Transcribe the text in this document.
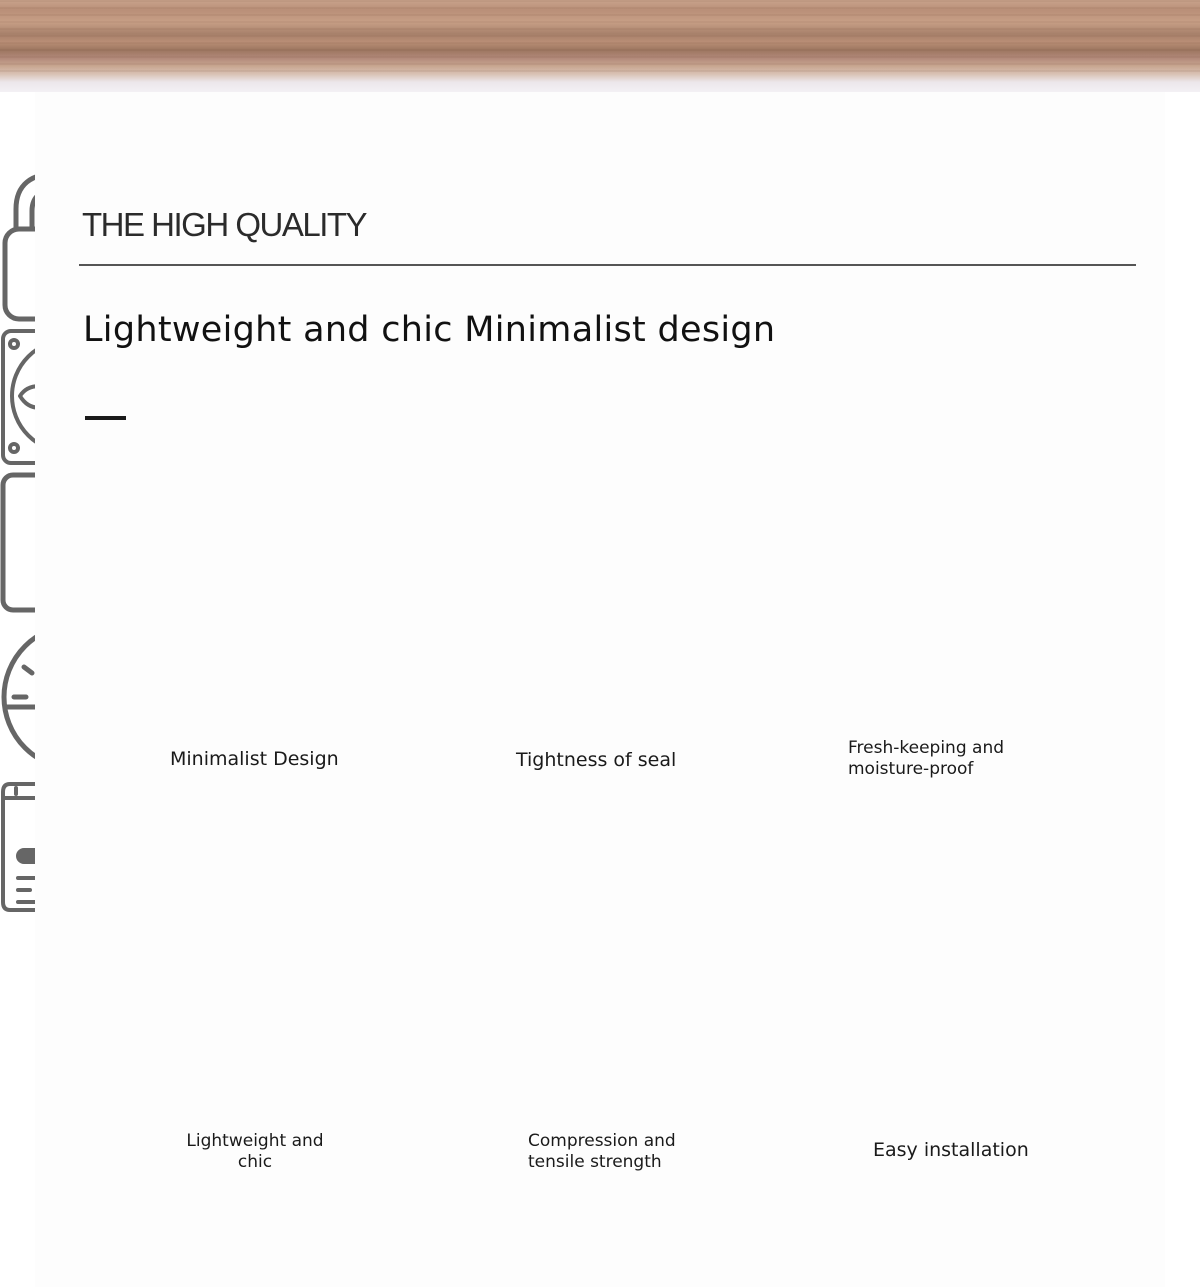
THE HIGH QUALITY
Lightweight and chic Minimalist design
Minimalist Design	Tightness of seal
Fresh-keeping and
moisture-proof
Lightweight and
chic
Compression and
tensile strength
Easy installation
